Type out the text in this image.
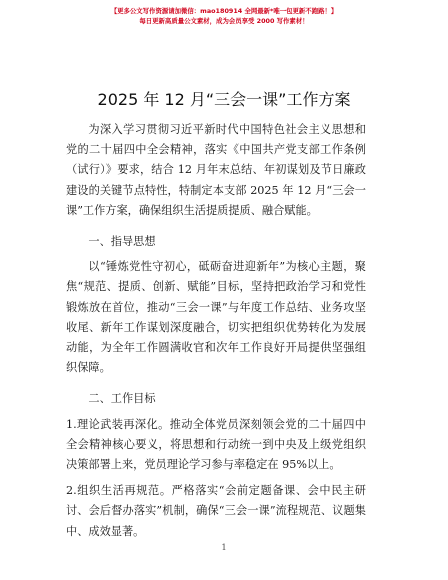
【更多公文写作资源请加微信：mao180914 全网最新*唯一包更新不跑路！】
每日更新高质量公文素材，成为会员享受 2000 写作素材！
2025 年 12 月“三会一课”工作方案

为深入学习贯彻习近平新时代中国特色社会主义思想和党的二十届四中全会精神，落实《中国共产党支部工作条例（试行）》要求，结合 12 月年末总结、年初谋划及节日廉政建设的关键节点特性，特制定本支部 2025 年 12 月“三会一课”工作方案，确保组织生活提质提质、融合赋能。

一、指导思想

以“锤炼党性守初心，砥砺奋进迎新年”为核心主题，聚焦“规范、提质、创新、赋能”目标，坚持把政治学习和党性锻炼放在首位，推动“三会一课”与年度工作总结、业务攻坚收尾、新年工作谋划深度融合，切实把组织优势转化为发展动能，为全年工作圆满收官和次年工作良好开局提供坚强组织保障。

二、工作目标

1.理论武装再深化。推动全体党员深刻领会党的二十届四中全会精神核心要义，将思想和行动统一到中央及上级党组织决策部署上来，党员理论学习参与率稳定在 95%以上。

2.组织生活再规范。严格落实“会前定题备课、会中民主研讨、会后督办落实”机制，确保“三会一课”流程规范、议题集中、成效显著。

1
